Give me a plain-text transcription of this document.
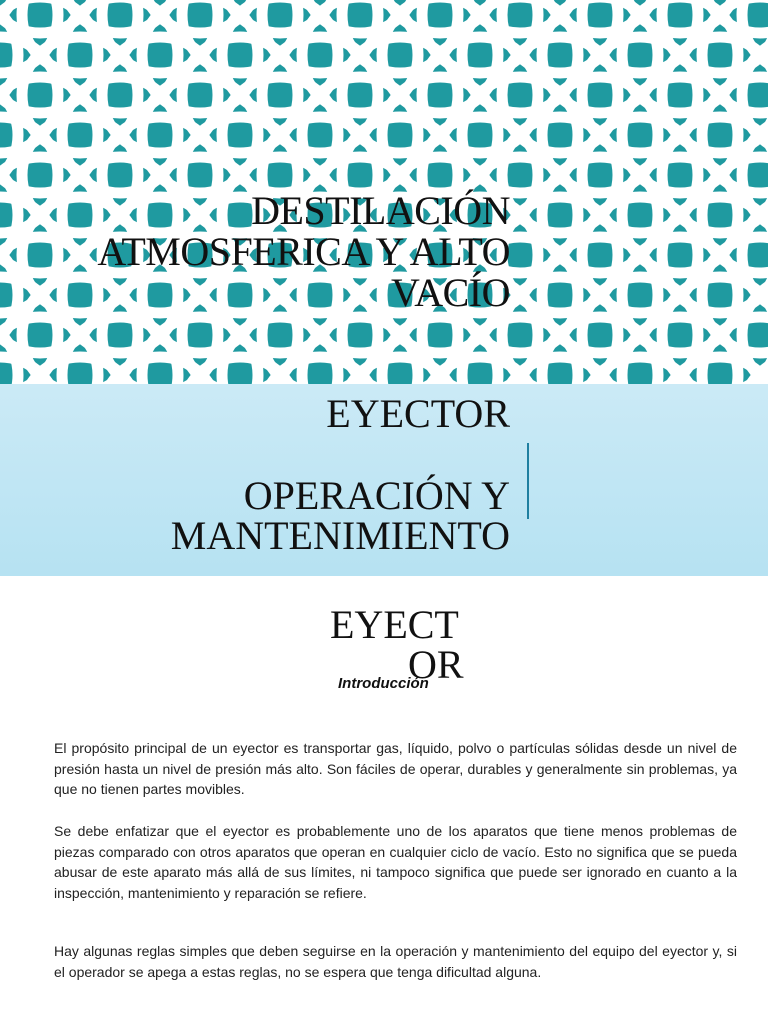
DESTILACIÓN ATMOSFERICA Y ALTO VACÍO
EYECTOR
OPERACIÓN Y MANTENIMIENTO
EYECT
OR
Introducción
El propósito principal de un eyector es transportar gas, líquido, polvo o partículas sólidas desde un nivel de presión hasta un nivel de presión más alto. Son fáciles de operar, durables y generalmente sin problemas, ya que no tienen partes movibles.
Se debe enfatizar que el eyector es probablemente uno de los aparatos que tiene menos problemas de piezas comparado con otros aparatos que operan en cualquier ciclo de vacío. Esto no significa que se pueda abusar de este aparato más allá de sus límites, ni tampoco significa que puede ser ignorado en cuanto a la inspección, mantenimiento y reparación se refiere.
Hay algunas reglas simples que deben seguirse en la operación y mantenimiento del equipo del eyector y, si el operador se apega a estas reglas, no se espera que tenga dificultad alguna.
